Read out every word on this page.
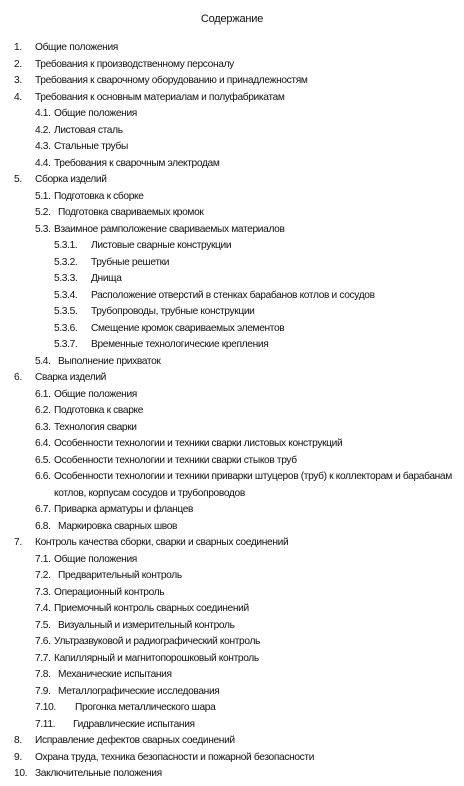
Содержание
1. Общие положения
2. Требования к производственному персоналу
3. Требования к сварочному оборудованию и принадлежностям
4. Требования к основным материалам и полуфабрикатам
4.1. Общие положения
4.2. Листовая сталь
4.3. Стальные трубы
4.4. Требования к сварочным электродам
5. Сборка изделий
5.1. Подготовка к сборке
5.2. Подготовка свариваемых кромок
5.3. Взаимное рамположение свариваемых материалов
5.3.1. Листовые сварные конструкции
5.3.2. Трубные решетки
5.3.3. Днища
5.3.4. Расположение отверстий в стенках барабанов котлов и сосудов
5.3.5. Трубопроводы, трубные конструкции
5.3.6. Смещение кромок свариваемых элементов
5.3.7. Временные технологические крепления
5.4. Выполнение прихваток
6. Сварка изделий
6.1. Общие положения
6.2. Подготовка к сварке
6.3. Технология сварки
6.4. Особенности технологии и техники сварки листовых конструкций
6.5. Особенности технологии и техники сварки стыков труб
6.6. Особенности технологии и техники приварки штуцеров (труб) к коллекторам и барабанам котлов, корпусам сосудов и трубопроводов
6.7. Приварка арматуры и фланцев
6.8. Маркировка сварных швов
7. Контроль качества сборки, сварки и сварных соединений
7.1. Общие положения
7.2. Предварительный контроль
7.3. Операционный контроль
7.4. Приемочный контроль сварных соединений
7.5. Визуальный и измерительный контроль
7.6. Ультразвуковой и радиографический контроль
7.7. Капиллярный и магнитопорошковый контроль
7.8. Механические испытания
7.9. Металлографические исследования
7.10. Прогонка металлического шара
7.11. Гидравлические испытания
8. Исправление дефектов сварных соединений
9. Охрана труда, техника безопасности и пожарной безопасности
10. Заключительные положения
